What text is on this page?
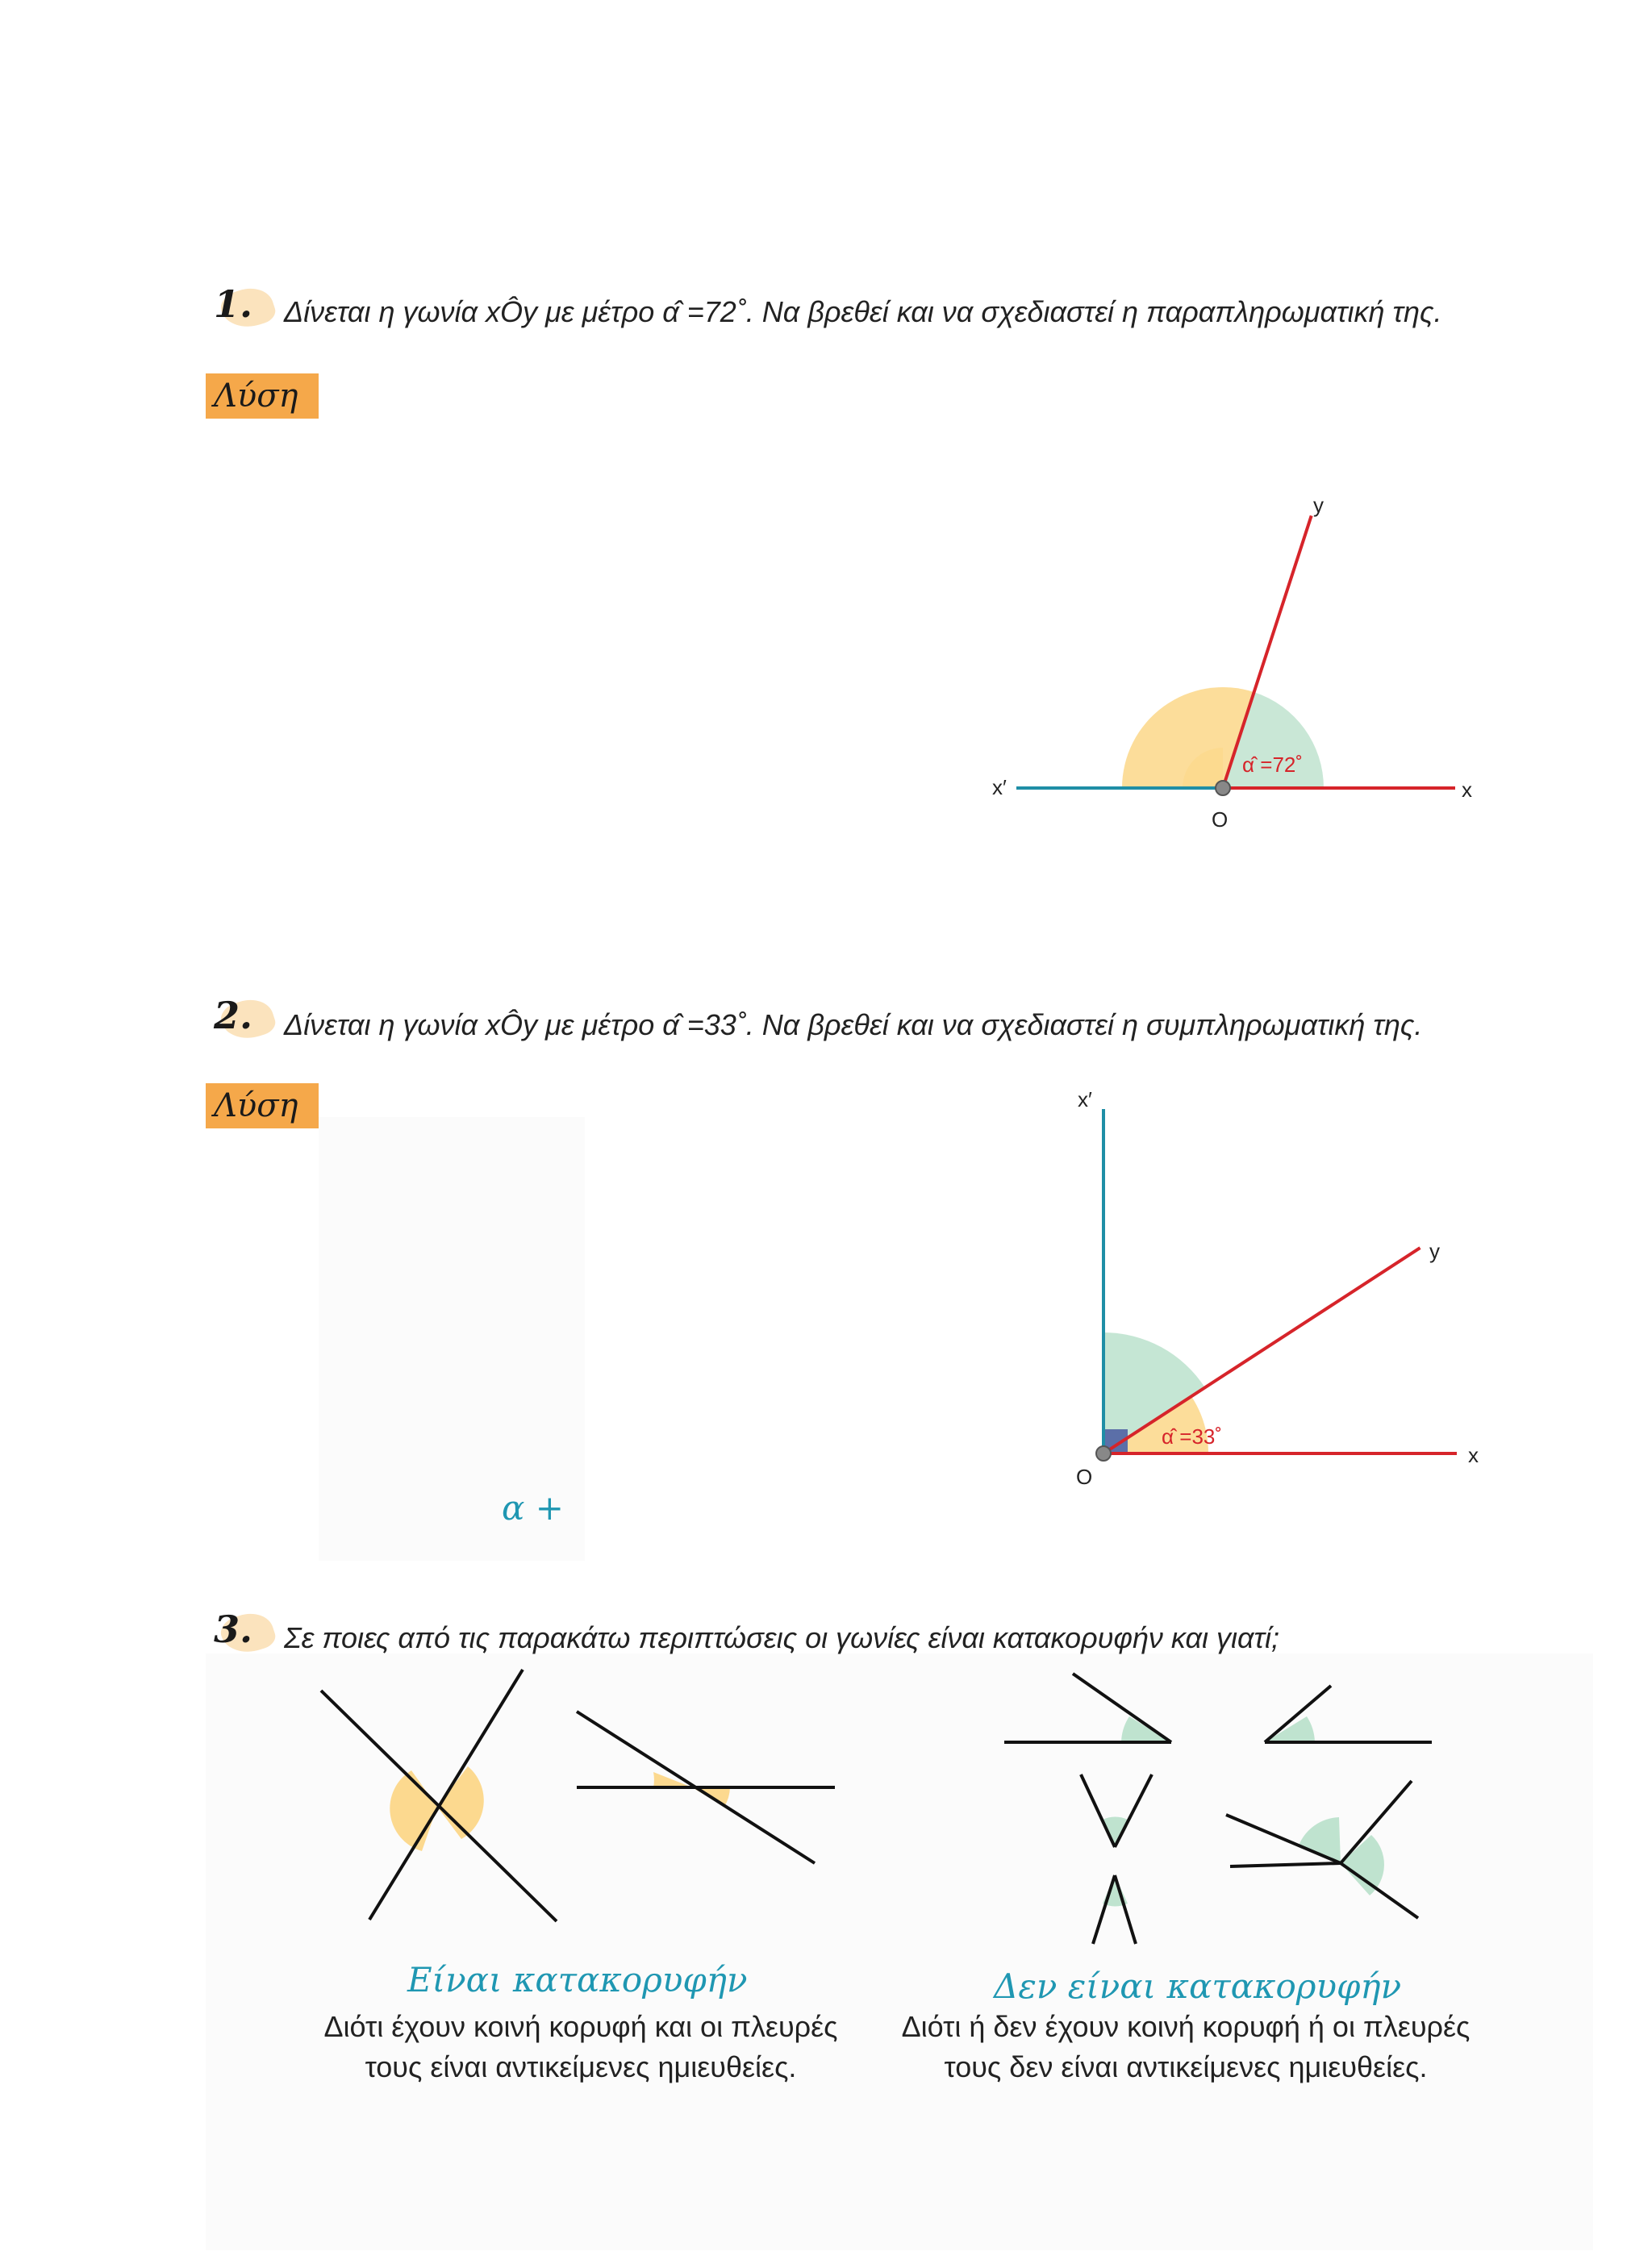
1. Δίνεται η γωνία xÔy με μέτρο α̂ =72˚. Να βρεθεί και να σχεδιαστεί η παραπληρωματική της.
Λύση
y
x′	x
O
α̂ =72˚
2. Δίνεται η γωνία xÔy με μέτρο α̂ =33˚. Να βρεθεί και να σχεδιαστεί η συμπληρωματική της.
Λύση	x′
y
x
O
α̂ =33˚
α +
3. Σε ποιες από τις παρακάτω περιπτώσεις οι γωνίες είναι κατακορυφήν και γιατί;
Είναι κατακορυφήν
Διότι έχουν κοινή κορυφή και οι πλευρές
τους είναι αντικείμενες ημιευθείες.
Δεν είναι κατακορυφήν
Διότι ή δεν έχουν κοινή κορυφή ή οι πλευρές
τους δεν είναι αντικείμενες ημιευθείες.
